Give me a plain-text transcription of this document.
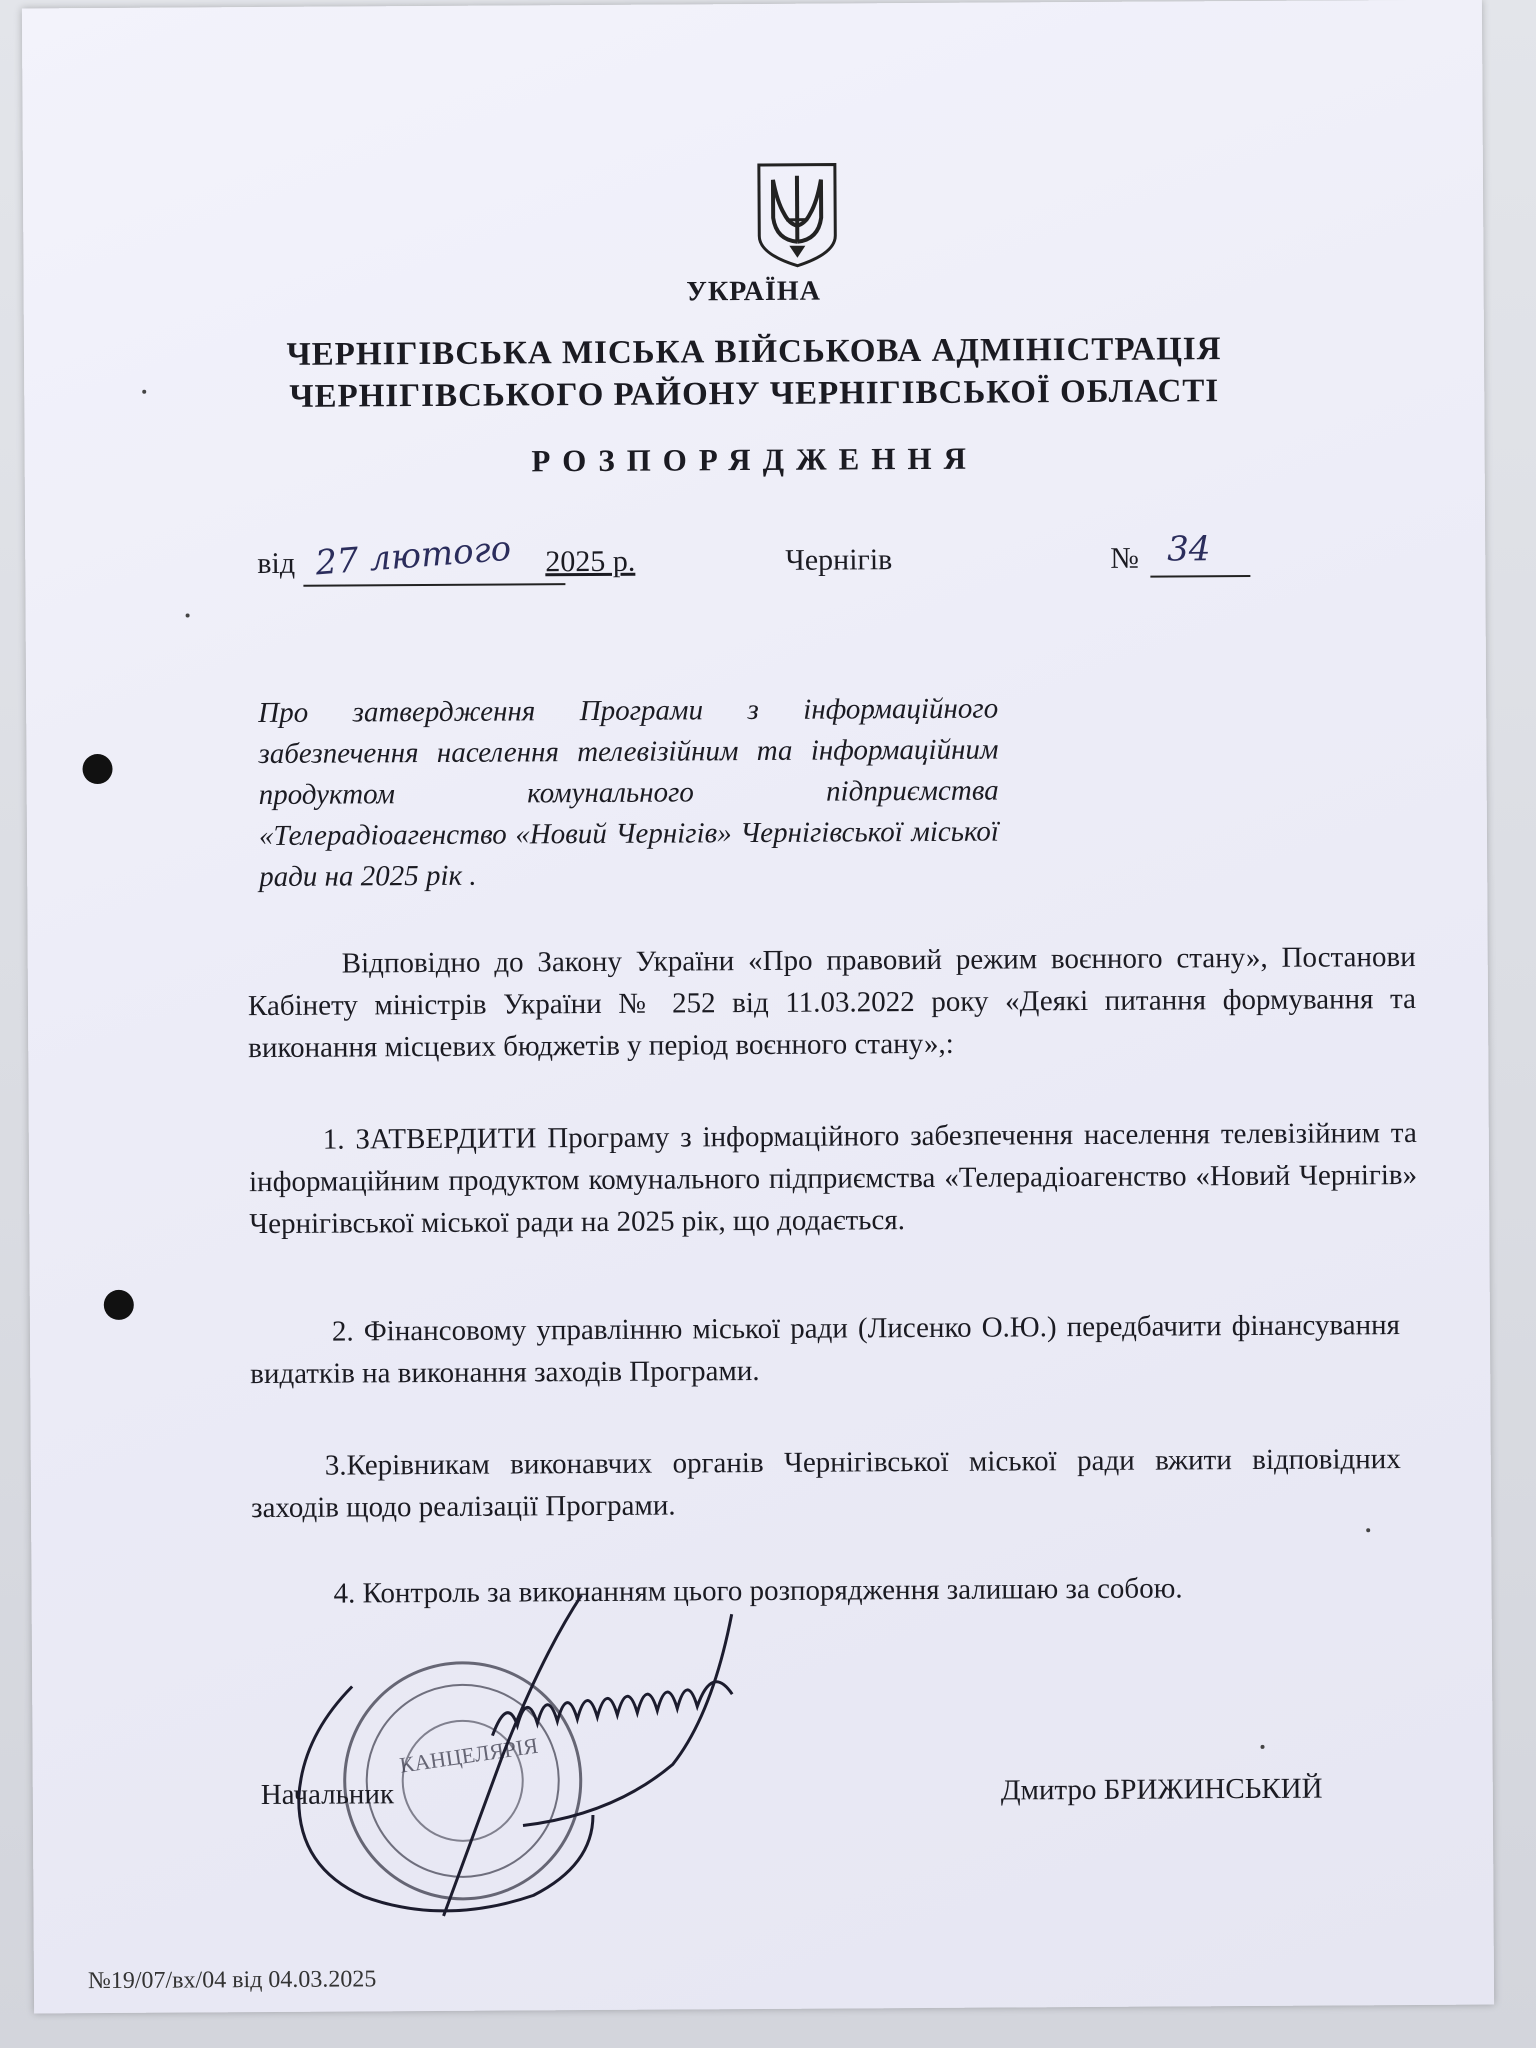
УКРАЇНА
ЧЕРНІГІВСЬКА МІСЬКА ВІЙСЬКОВА АДМІНІСТРАЦІЯ
ЧЕРНІГІВСЬКОГО РАЙОНУ ЧЕРНІГІВСЬКОЇ ОБЛАСТІ
РОЗПОРЯДЖЕННЯ
від 27 лютого 2025 р.	Чернігів	№ 34
Про затвердження Програми з інформаційного забезпечення населення телевізійним та інформаційним продуктом комунального підприємства «Телерадіоагенство «Новий Чернігів» Чернігівської міської ради на 2025 рік .
Відповідно до Закону України «Про правовий режим воєнного стану», Постанови Кабінету міністрів України № 252 від 11.03.2022 року «Деякі питання формування та виконання місцевих бюджетів у період воєнного стану»,:
1. ЗАТВЕРДИТИ Програму з інформаційного забезпечення населення телевізійним та інформаційним продуктом комунального підприємства «Телерадіоагенство «Новий Чернігів» Чернігівської міської ради на 2025 рік, що додається.
2. Фінансовому управлінню міської ради (Лисенко О.Ю.) передбачити фінансування видатків на виконання заходів Програми.
3.Керівникам виконавчих органів Чернігівської міської ради вжити відповідних заходів щодо реалізації Програми.
4. Контроль за виконанням цього розпорядження залишаю за собою.
КАНЦЕЛЯРІЯ
Начальник	Дмитро БРИЖИНСЬКИЙ
№19/07/вх/04 від 04.03.2025
